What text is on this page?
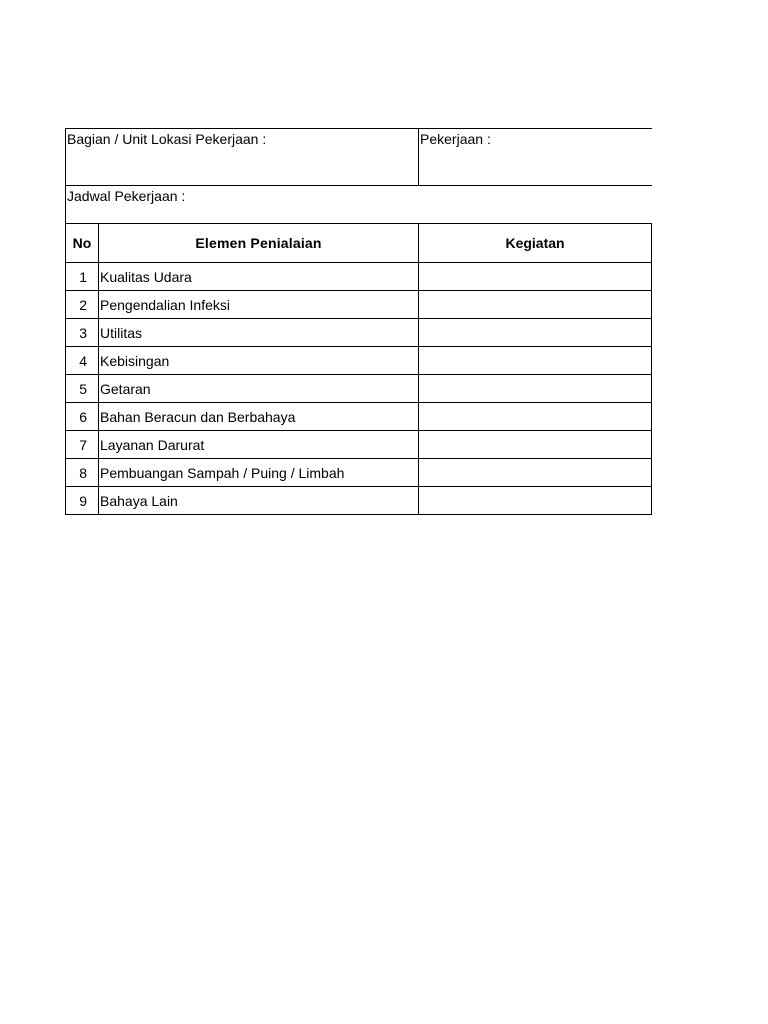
Bagian / Unit Lokasi Pekerjaan :		Pekerjaan :
Jadwal Pekerjaan :		
No	Elemen Penialaian	Kegiatan
1	Kualitas Udara	
2	Pengendalian Infeksi	
3	Utilitas	
4	Kebisingan	
5	Getaran	
6	Bahan Beracun dan Berbahaya	
7	Layanan Darurat	
8	Pembuangan Sampah / Puing / Limbah	
9	Bahaya Lain	
